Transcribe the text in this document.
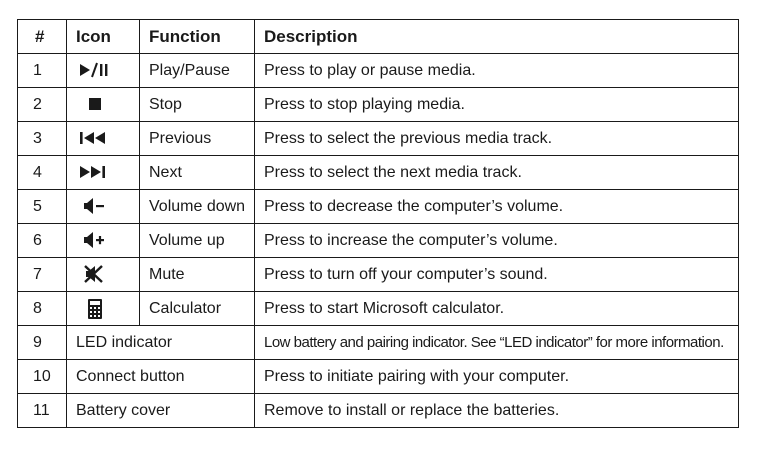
#	Icon	Function	Description
1		Play/Pause	Press to play or pause media.
2		Stop	Press to stop playing media.
3		Previous	Press to select the previous media track.
4		Next	Press to select the next media track.
5		Volume down	Press to decrease the computer’s volume.
6		Volume up	Press to increase the computer’s volume.
7		Mute	Press to turn off your computer’s sound.
8		Calculator	Press to start Microsoft calculator.
9	LED indicator		Low battery and pairing indicator. See “LED indicator” for more information.
10	Connect button		Press to initiate pairing with your computer.
11	Battery cover		Remove to install or replace the batteries.
